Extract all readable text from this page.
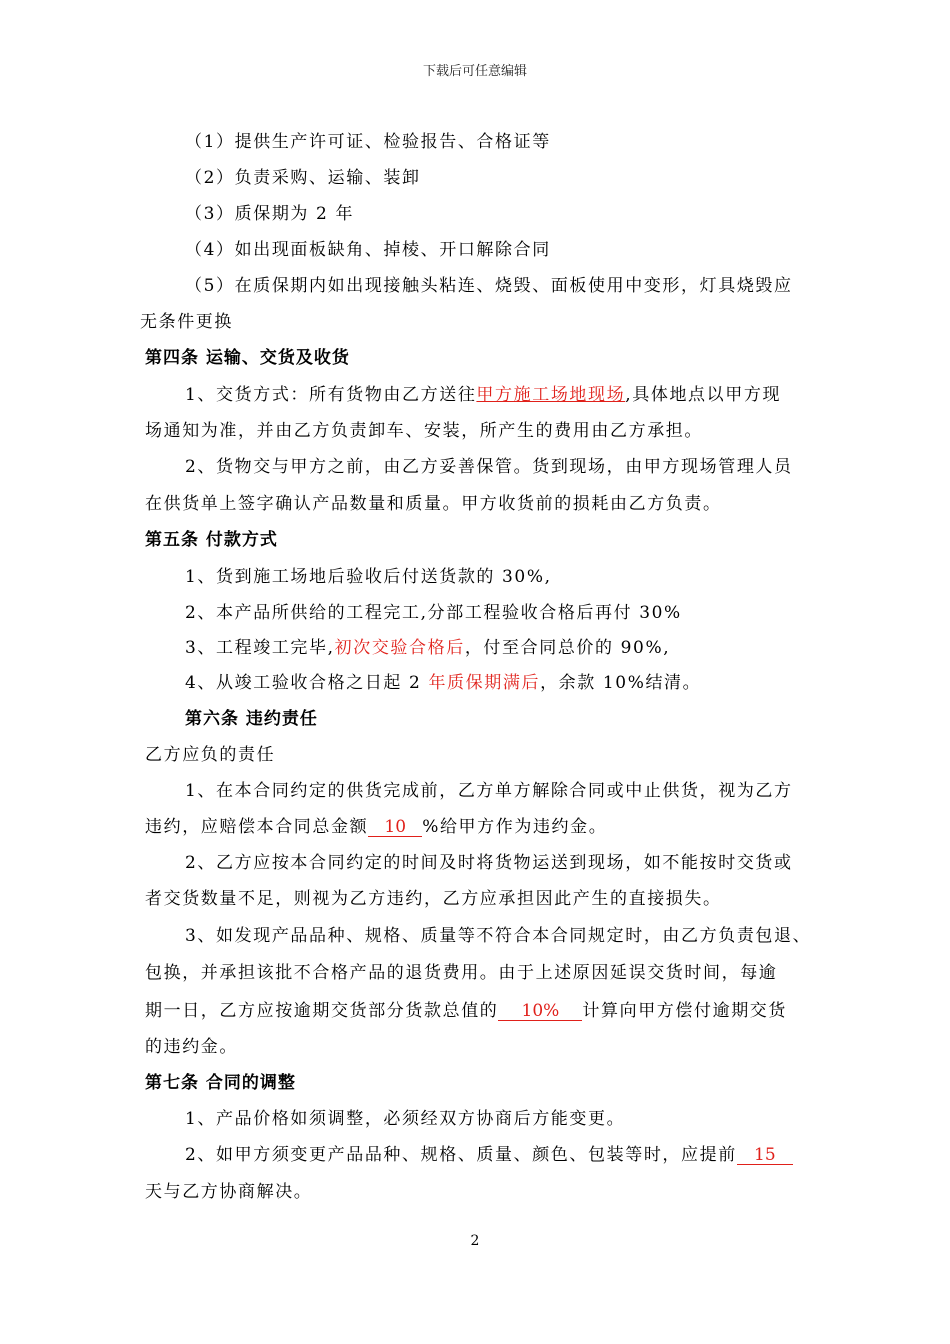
下载后可任意编辑
（1）提供生产许可证、检验报告、合格证等
（2）负责采购、运输、装卸
（3）质保期为 2 年
（4）如出现面板缺角、掉棱、开口解除合同
（5）在质保期内如出现接触头粘连、烧毁、面板使用中变形，灯具烧毁应
无条件更换
第四条 运输、交货及收货
1、交货方式：所有货物由乙方送往甲方施工场地现场,具体地点以甲方现
场通知为准，并由乙方负责卸车、安装，所产生的费用由乙方承担。
2、货物交与甲方之前，由乙方妥善保管。货到现场，由甲方现场管理人员
在供货单上签字确认产品数量和质量。甲方收货前的损耗由乙方负责。
第五条 付款方式
1、货到施工场地后验收后付送货款的 30%,
2、本产品所供给的工程完工,分部工程验收合格后再付 30%
3、工程竣工完毕,初次交验合格后，付至合同总价的 90%,
4、从竣工验收合格之日起 2 年质保期满后，余款 10%结清。
第六条 违约责任
乙方应负的责任
1、在本合同约定的供货完成前，乙方单方解除合同或中止供货，视为乙方
违约，应赔偿本合同总金额 10 %给甲方作为违约金。
2、乙方应按本合同约定的时间及时将货物运送到现场，如不能按时交货或
者交货数量不足，则视为乙方违约，乙方应承担因此产生的直接损失。
3、如发现产品品种、规格、质量等不符合本合同规定时，由乙方负责包退、
包换，并承担该批不合格产品的退货费用。由于上述原因延误交货时间，每逾
期一日，乙方应按逾期交货部分货款总值的 10% 计算向甲方偿付逾期交货
的违约金。
第七条 合同的调整
1、产品价格如须调整，必须经双方协商后方能变更。
2、如甲方须变更产品品种、规格、质量、颜色、包装等时，应提前 15
天与乙方协商解决。
2
